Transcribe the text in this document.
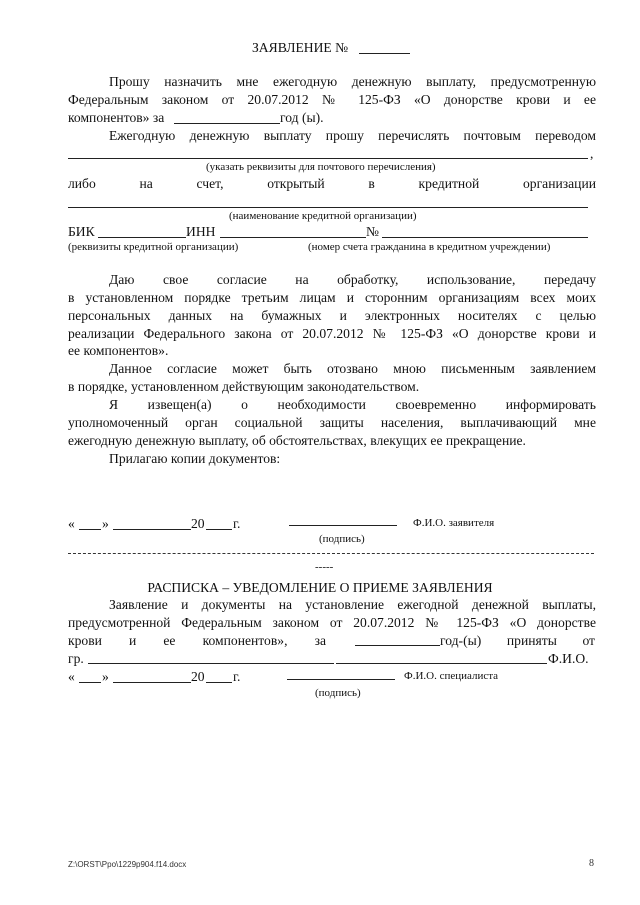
ЗАЯВЛЕНИЕ №
Прошу назначить мне ежегодную денежную выплату, предусмотренную
Федеральным законом от 20.07.2012 № 125-ФЗ «О донорстве крови и ее
компонентов» за	год (ы).
Ежегодную денежную выплату прошу перечислять почтовым переводом
,
(указать реквизиты для почтового перечисления)
либо на счет, открытый в кредитной организации
(наименование кредитной организации)
БИК	ИНН	№
(реквизиты кредитной организации)	(номер счета гражданина в кредитном учреждении)
Даю свое согласие на обработку, использование, передачу
в установленном порядке третьим лицам и сторонним организациям всех моих
персональных данных на бумажных и электронных носителях с целью
реализации Федерального закона от 20.07.2012 № 125-ФЗ «О донорстве крови и
ее компонентов».
Данное согласие может быть отозвано мною письменным заявлением
в порядке, установленном действующим законодательством.
Я извещен(а) о необходимости своевременно информировать
уполномоченный орган социальной защиты населения, выплачивающий мне
ежегодную денежную выплату, об обстоятельствах, влекущих ее прекращение.
Прилагаю копии документов:
« »	20 г.	Ф.И.О. заявителя
(подпись)
-----
РАСПИСКА – УВЕДОМЛЕНИЕ О ПРИЕМЕ ЗАЯВЛЕНИЯ
Заявление и документы на установление ежегодной денежной выплаты,
предусмотренной Федеральным законом от 20.07.2012 № 125-ФЗ «О донорстве
крови и ее компонентов», за	год-(ы) приняты от
гр.	Ф.И.О.
« »	20 г.	Ф.И.О. специалиста
(подпись)
Z:\ORST\Ppo\1229p904.f14.docx	8
